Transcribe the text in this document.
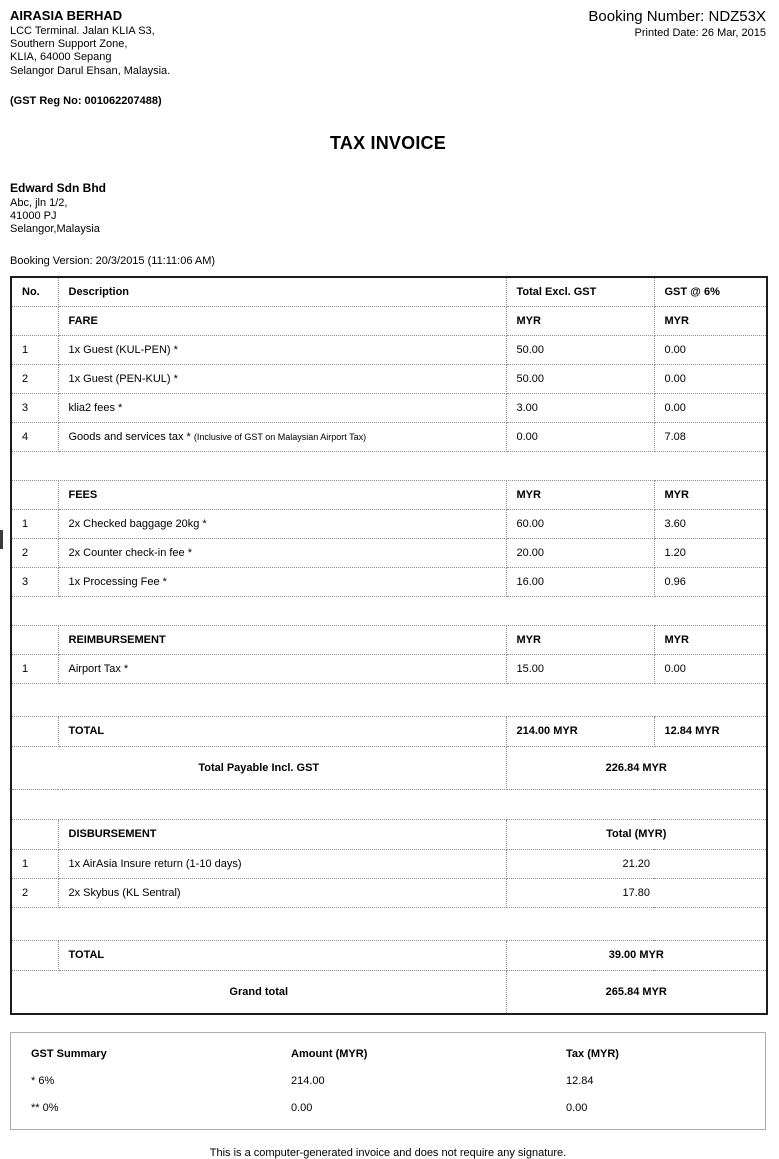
AIRASIA BERHAD
LCC Terminal. Jalan KLIA S3,
Southern Support Zone,
KLIA, 64000 Sepang
Selangor Darul Ehsan, Malaysia.
(GST Reg No: 001062207488)
Booking Number: NDZ53X
Printed Date: 26 Mar, 2015
TAX INVOICE
Edward Sdn Bhd
Abc, jln 1/2,
41000 PJ
Selangor,Malaysia
Booking Version: 20/3/2015 (11:11:06 AM)
No.	Description	Total Excl. GST	GST @ 6%
	FARE	MYR	MYR
1	1x Guest (KUL-PEN) *	50.00	0.00
2	1x Guest (PEN-KUL) *	50.00	0.00
3	klia2 fees *	3.00	0.00
4	Goods and services tax * (Inclusive of GST on Malaysian Airport Tax)	0.00	7.08

	FEES	MYR	MYR
1	2x Checked baggage 20kg *	60.00	3.60
2	2x Counter check-in fee *	20.00	1.20
3	1x Processing Fee *	16.00	0.96

	REIMBURSEMENT	MYR	MYR
1	Airport Tax *	15.00	0.00

	TOTAL	214.00 MYR	12.84 MYR
Total Payable Incl. GST		226.84 MYR	

	DISBURSEMENT	Total (MYR)	
1	1x AirAsia Insure return (1-10 days)	21.20	
2	2x Skybus (KL Sentral)	17.80	

	TOTAL	39.00 MYR	
Grand total		265.84 MYR	
GST Summary	Amount (MYR)	Tax (MYR)
* 6%	214.00	12.84
** 0%	0.00	0.00
This is a computer-generated invoice and does not require any signature.
